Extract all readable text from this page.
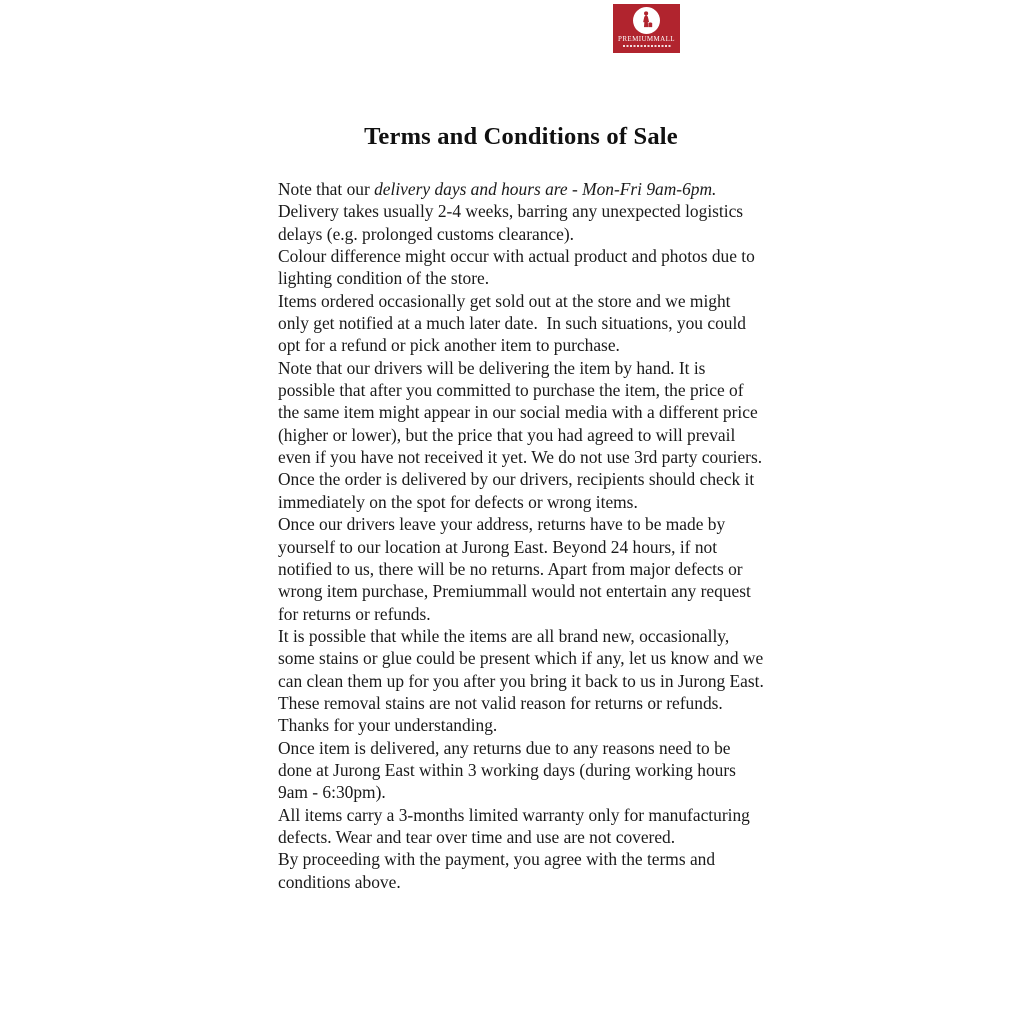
PREMIUMMALL
Terms and Conditions of Sale

Note that our delivery days and hours are - Mon-Fri 9am-6pm.

Delivery takes usually 2-4 weeks, barring any unexpected logistics delays (e.g. prolonged customs clearance).

Colour difference might occur with actual product and photos due to lighting condition of the store.

Items ordered occasionally get sold out at the store and we might only get notified at a much later date.  In such situations, you could opt for a refund or pick another item to purchase.

Note that our drivers will be delivering the item by hand. It is possible that after you committed to purchase the item, the price of the same item might appear in our social media with a different price (higher or lower), but the price that you had agreed to will prevail even if you have not received it yet. We do not use 3rd party couriers.

Once the order is delivered by our drivers, recipients should check it immediately on the spot for defects or wrong items.

Once our drivers leave your address, returns have to be made by yourself to our location at Jurong East. Beyond 24 hours, if not notified to us, there will be no returns. Apart from major defects or wrong item purchase, Premiummall would not entertain any request for returns or refunds.

It is possible that while the items are all brand new, occasionally, some stains or glue could be present which if any, let us know and we can clean them up for you after you bring it back to us in Jurong East. These removal stains are not valid reason for returns or refunds. Thanks for your understanding.

Once item is delivered, any returns due to any reasons need to be done at Jurong East within 3 working days (during working hours 9am - 6:30pm).

All items carry a 3-months limited warranty only for manufacturing defects. Wear and tear over time and use are not covered.

By proceeding with the payment, you agree with the terms and conditions above.
